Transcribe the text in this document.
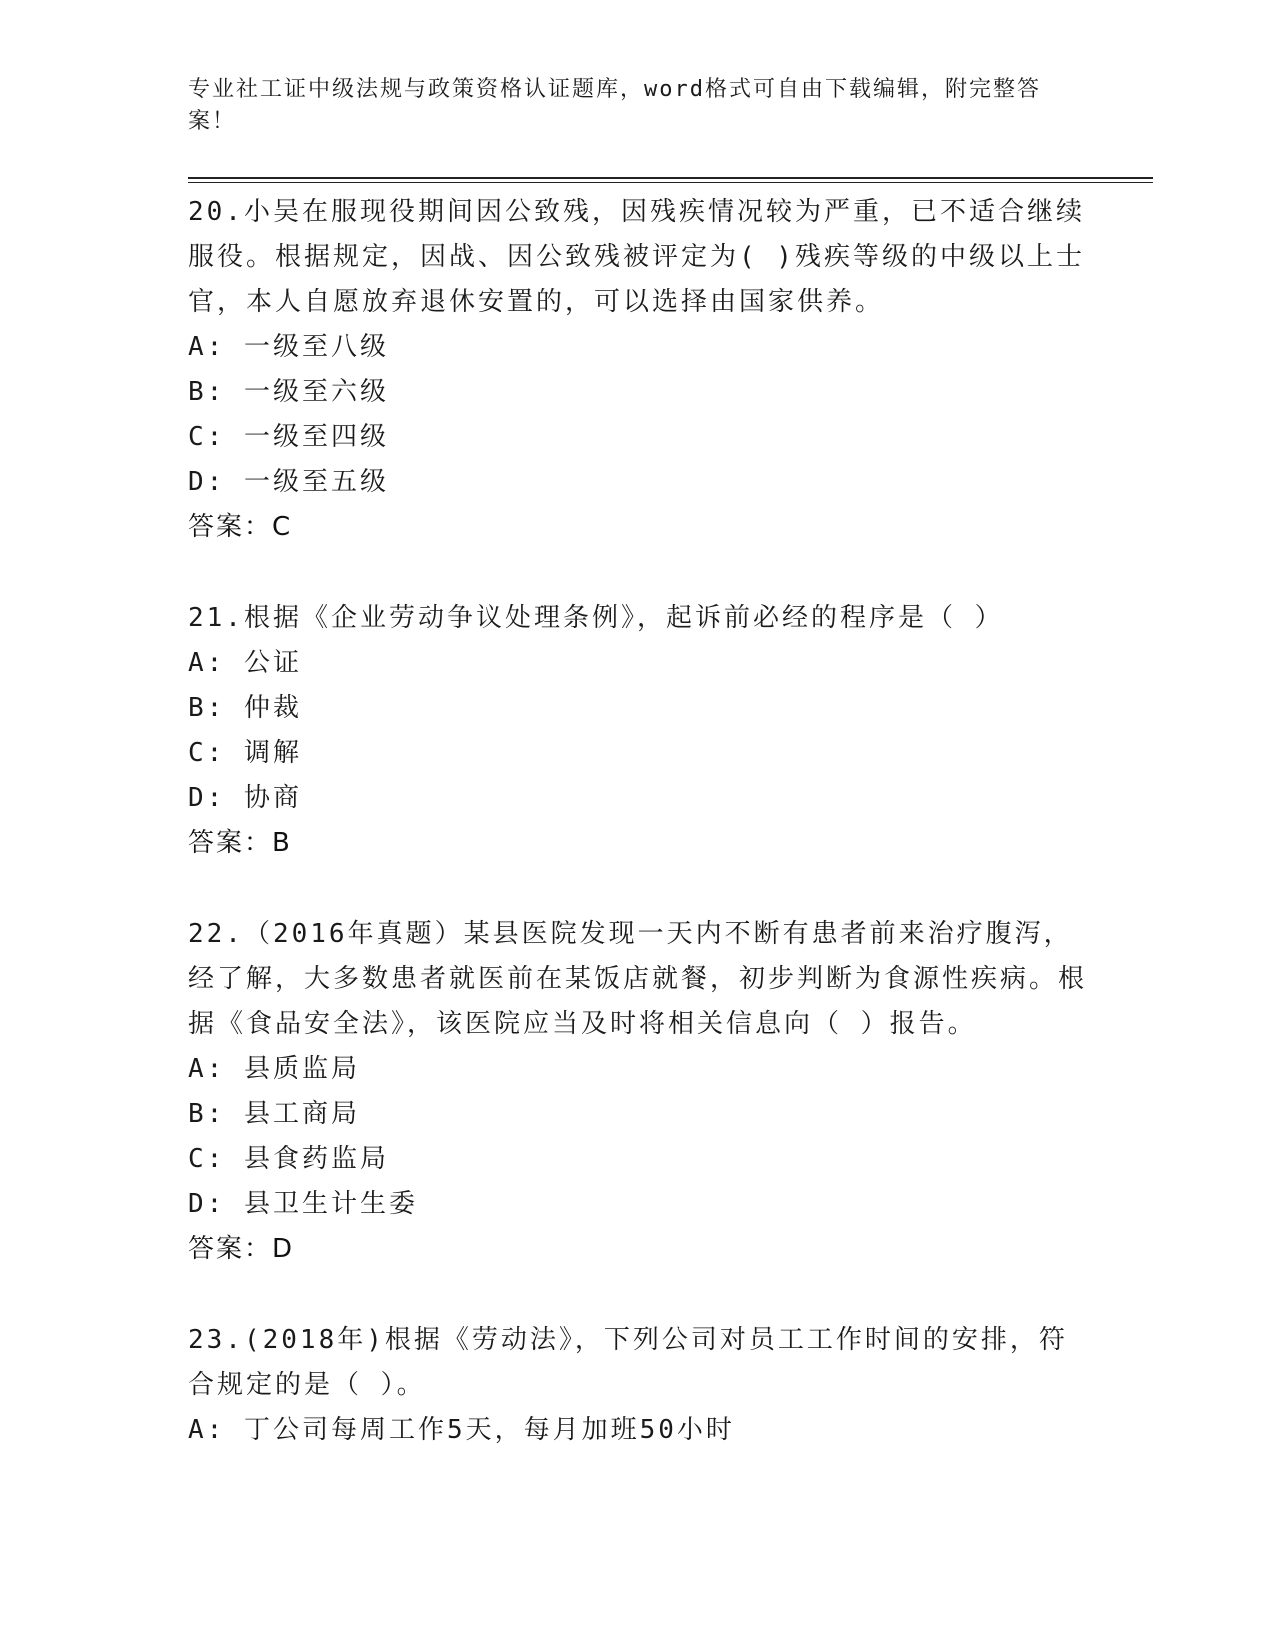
专业社工证中级法规与政策资格认证题库，word格式可自由下载编辑，附完整答案！

20.小吴在服现役期间因公致残，因残疾情况较为严重，已不适合继续服役。根据规定，因战、因公致残被评定为( )残疾等级的中级以上士官，本人自愿放弃退休安置的，可以选择由国家供养。

A: 一级至八级

B: 一级至六级

C: 一级至四级

D: 一级至五级

答案：C

21.根据《企业劳动争议处理条例》，起诉前必经的程序是（ ）

A: 公证

B: 仲裁

C: 调解

D: 协商

答案：B

22.（2016年真题）某县医院发现一天内不断有患者前来治疗腹泻，经了解，大多数患者就医前在某饭店就餐，初步判断为食源性疾病。根据《食品安全法》，该医院应当及时将相关信息向（ ）报告。

A: 县质监局

B: 县工商局

C: 县食药监局

D: 县卫生计生委

答案：D

23.(2018年)根据《劳动法》，下列公司对员工工作时间的安排，符合规定的是（ ）。

A: 丁公司每周工作5天，每月加班50小时
